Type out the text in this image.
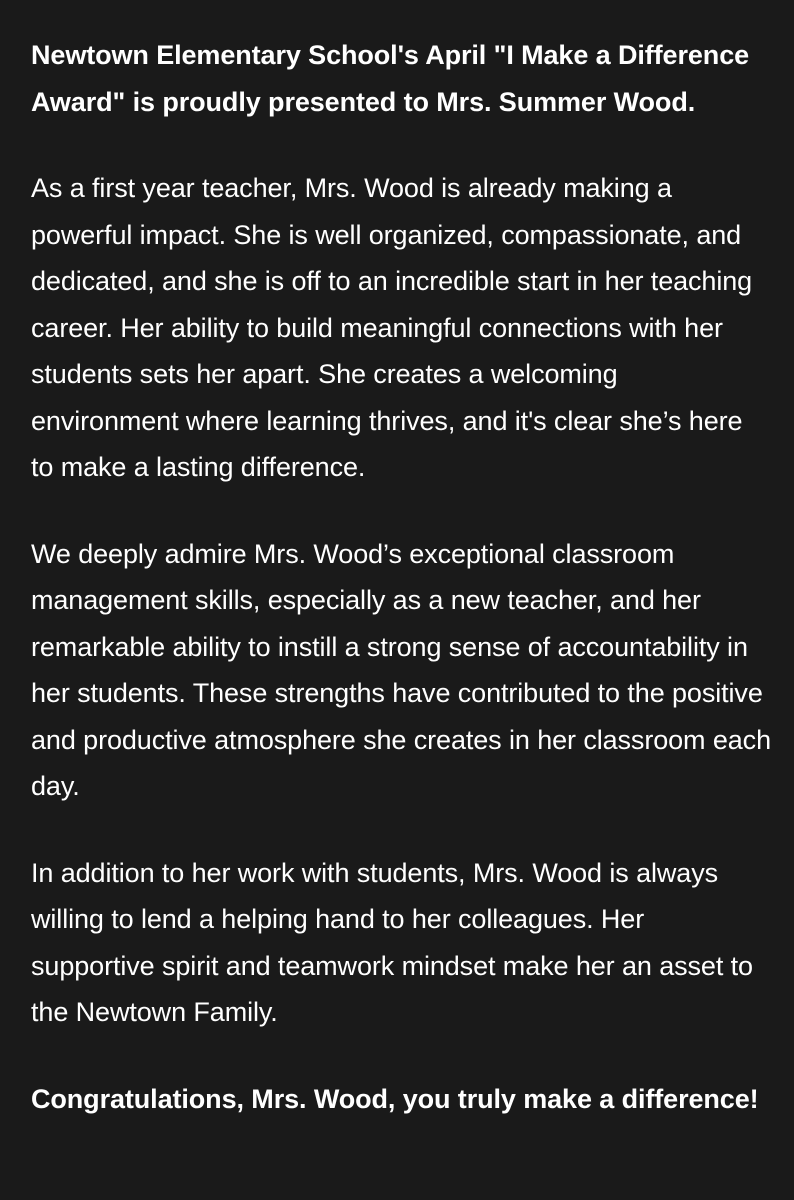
Newtown Elementary School's April "I Make a Difference Award" is proudly presented to Mrs. Summer Wood.

As a first year teacher, Mrs. Wood is already making a powerful impact. She is well organized, compassionate, and dedicated, and she is off to an incredible start in her teaching career. Her ability to build meaningful connections with her students sets her apart. She creates a welcoming environment where learning thrives, and it's clear she’s here to make a lasting difference.

We deeply admire Mrs. Wood’s exceptional classroom management skills, especially as a new teacher, and her remarkable ability to instill a strong sense of accountability in her students. These strengths have contributed to the positive and productive atmosphere she creates in her classroom each day.

In addition to her work with students, Mrs. Wood is always willing to lend a helping hand to her colleagues. Her supportive spirit and teamwork mindset make her an asset to the Newtown Family.

Congratulations, Mrs. Wood, you truly make a difference!
